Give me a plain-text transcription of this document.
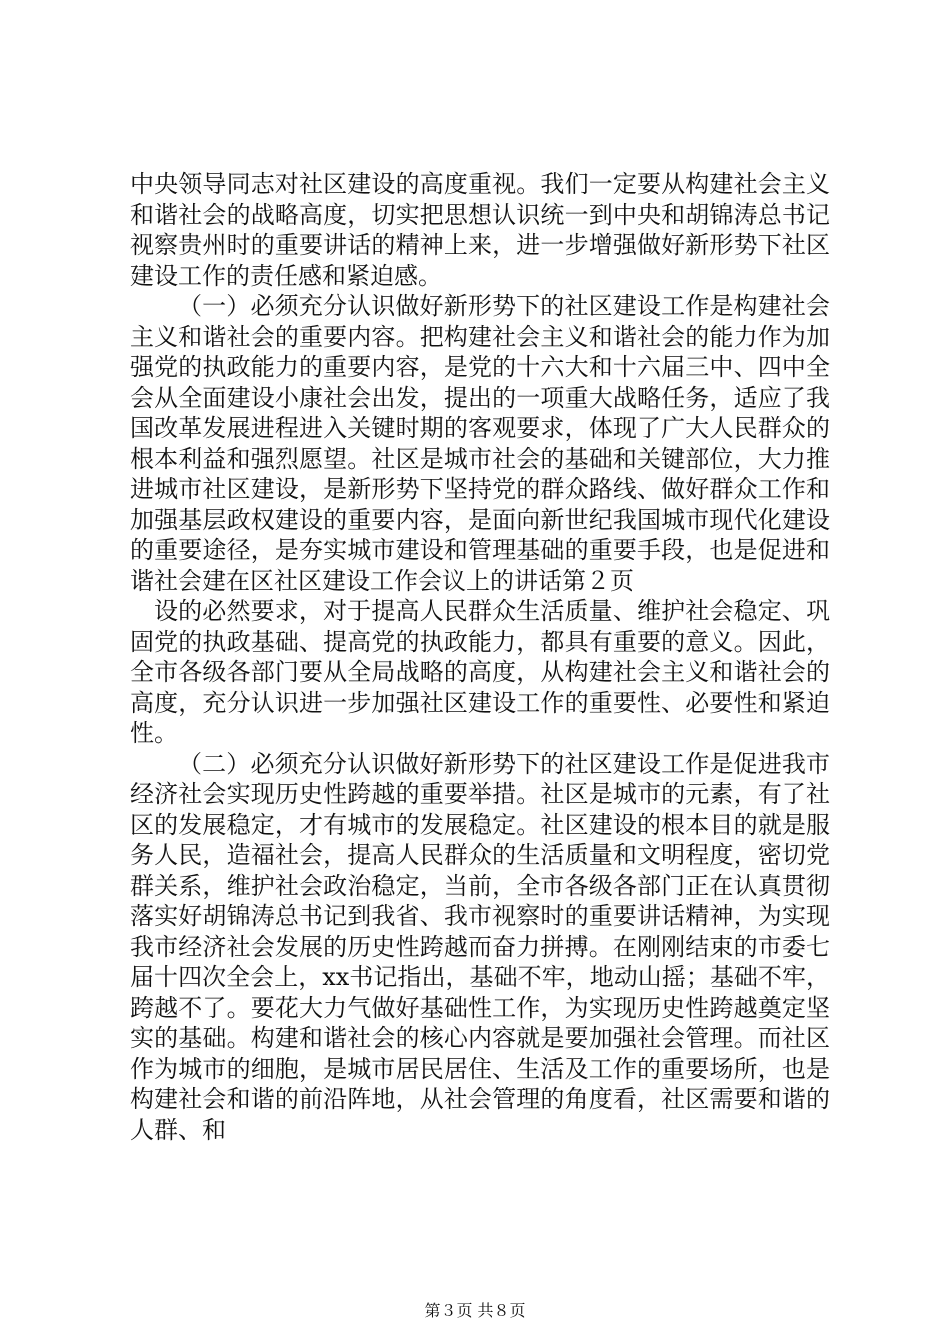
中央领导同志对社区建设的高度重视。我们一定要从构建社会主义和谐社会的战略高度，切实把思想认识统一到中央和胡锦涛总书记视察贵州时的重要讲话的精神上来，进一步增强做好新形势下社区建设工作的责任感和紧迫感。

（一）必须充分认识做好新形势下的社区建设工作是构建社会主义和谐社会的重要内容。把构建社会主义和谐社会的能力作为加强党的执政能力的重要内容，是党的十六大和十六届三中、四中全会从全面建设小康社会出发，提出的一项重大战略任务，适应了我国改革发展进程进入关键时期的客观要求，体现了广大人民群众的根本利益和强烈愿望。社区是城市社会的基础和关键部位，大力推进城市社区建设，是新形势下坚持党的群众路线、做好群众工作和加强基层政权建设的重要内容，是面向新世纪我国城市现代化建设的重要途径，是夯实城市建设和管理基础的重要手段，也是促进和谐社会建在区社区建设工作会议上的讲话第２页

设的必然要求，对于提高人民群众生活质量、维护社会稳定、巩固党的执政基础、提高党的执政能力，都具有重要的意义。因此，全市各级各部门要从全局战略的高度，从构建社会主义和谐社会的高度，充分认识进一步加强社区建设工作的重要性、必要性和紧迫性。

（二）必须充分认识做好新形势下的社区建设工作是促进我市经济社会实现历史性跨越的重要举措。社区是城市的元素，有了社区的发展稳定，才有城市的发展稳定。社区建设的根本目的就是服务人民，造福社会，提高人民群众的生活质量和文明程度，密切党群关系，维护社会政治稳定，当前，全市各级各部门正在认真贯彻落实好胡锦涛总书记到我省、我市视察时的重要讲话精神，为实现我市经济社会发展的历史性跨越而奋力拼搏。在刚刚结束的市委七届十四次全会上，xx书记指出，基础不牢，地动山摇；基础不牢，跨越不了。要花大力气做好基础性工作，为实现历史性跨越奠定坚实的基础。构建和谐社会的核心内容就是要加强社会管理。而社区作为城市的细胞，是城市居民居住、生活及工作的重要场所，也是构建社会和谐的前沿阵地，从社会管理的角度看，社区需要和谐的人群、和

第３页 共８页
